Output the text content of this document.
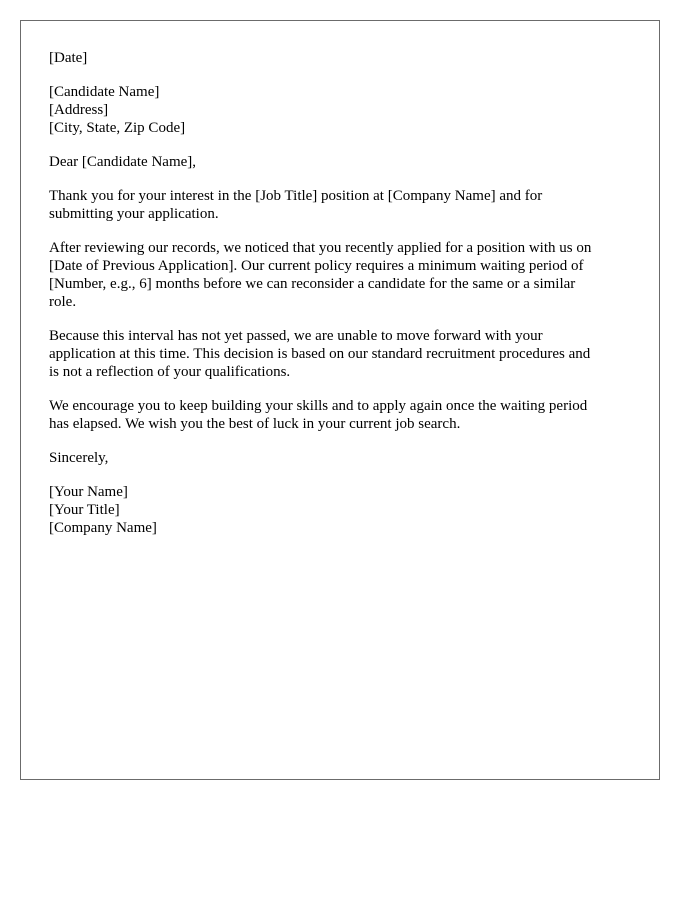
[Date]
[Candidate Name]
[Address]
[City, State, Zip Code]
Dear [Candidate Name],
Thank you for your interest in the [Job Title] position at [Company Name] and for
submitting your application.
After reviewing our records, we noticed that you recently applied for a position with us on
[Date of Previous Application]. Our current policy requires a minimum waiting period of
[Number, e.g., 6] months before we can reconsider a candidate for the same or a similar
role.
Because this interval has not yet passed, we are unable to move forward with your
application at this time. This decision is based on our standard recruitment procedures and
is not a reflection of your qualifications.
We encourage you to keep building your skills and to apply again once the waiting period
has elapsed. We wish you the best of luck in your current job search.
Sincerely,
[Your Name]
[Your Title]
[Company Name]
